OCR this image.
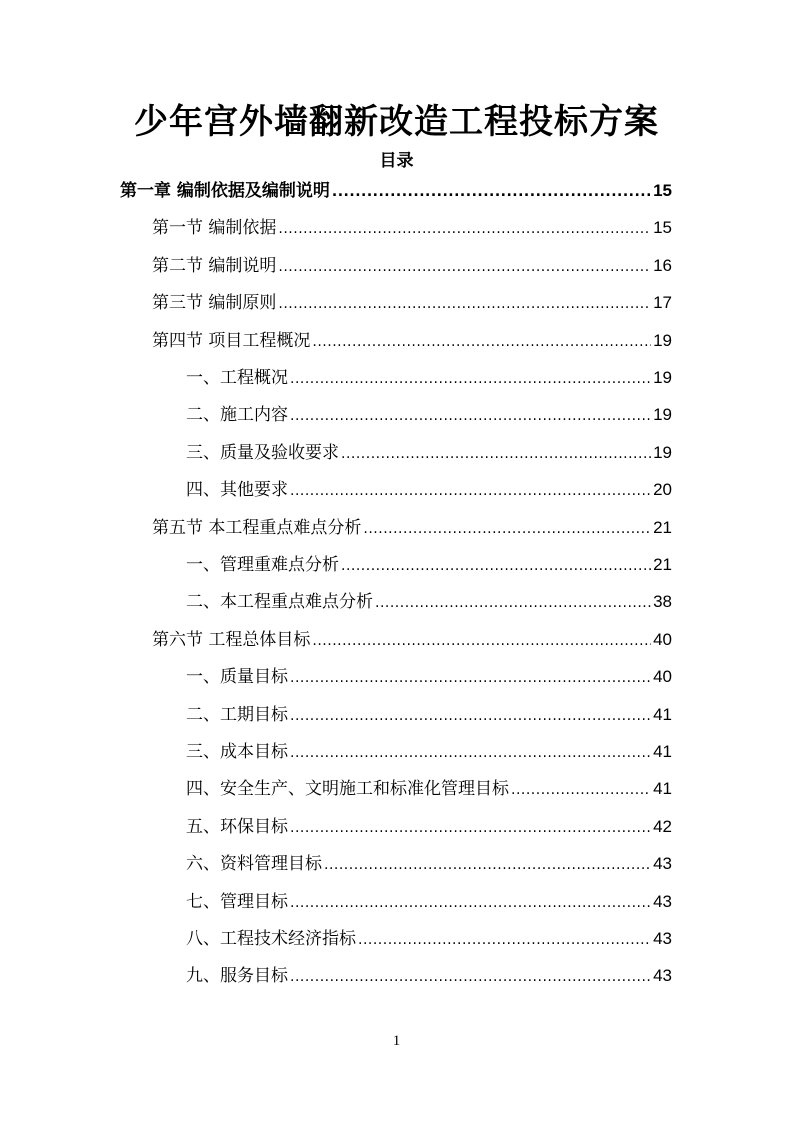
少年宫外墙翻新改造工程投标方案
目录
第一章 编制依据及编制说明 .....	15
第一节 编制依据 .....	15
第二节 编制说明 .....	16
第三节 编制原则 .....	17
第四节 项目工程概况 .....	19
一、工程概况 .....	19
二、施工内容 .....	19
三、质量及验收要求 .....	19
四、其他要求 .....	20
第五节 本工程重点难点分析 .....	21
一、管理重难点分析 .....	21
二、本工程重点难点分析 .....	38
第六节 工程总体目标 .....	40
一、质量目标 .....	40
二、工期目标 .....	41
三、成本目标 .....	41
四、安全生产、文明施工和标准化管理目标 .....	41
五、环保目标 .....	42
六、资料管理目标 .....	43
七、管理目标 .....	43
八、工程技术经济指标 .....	43
九、服务目标 .....	43
1
